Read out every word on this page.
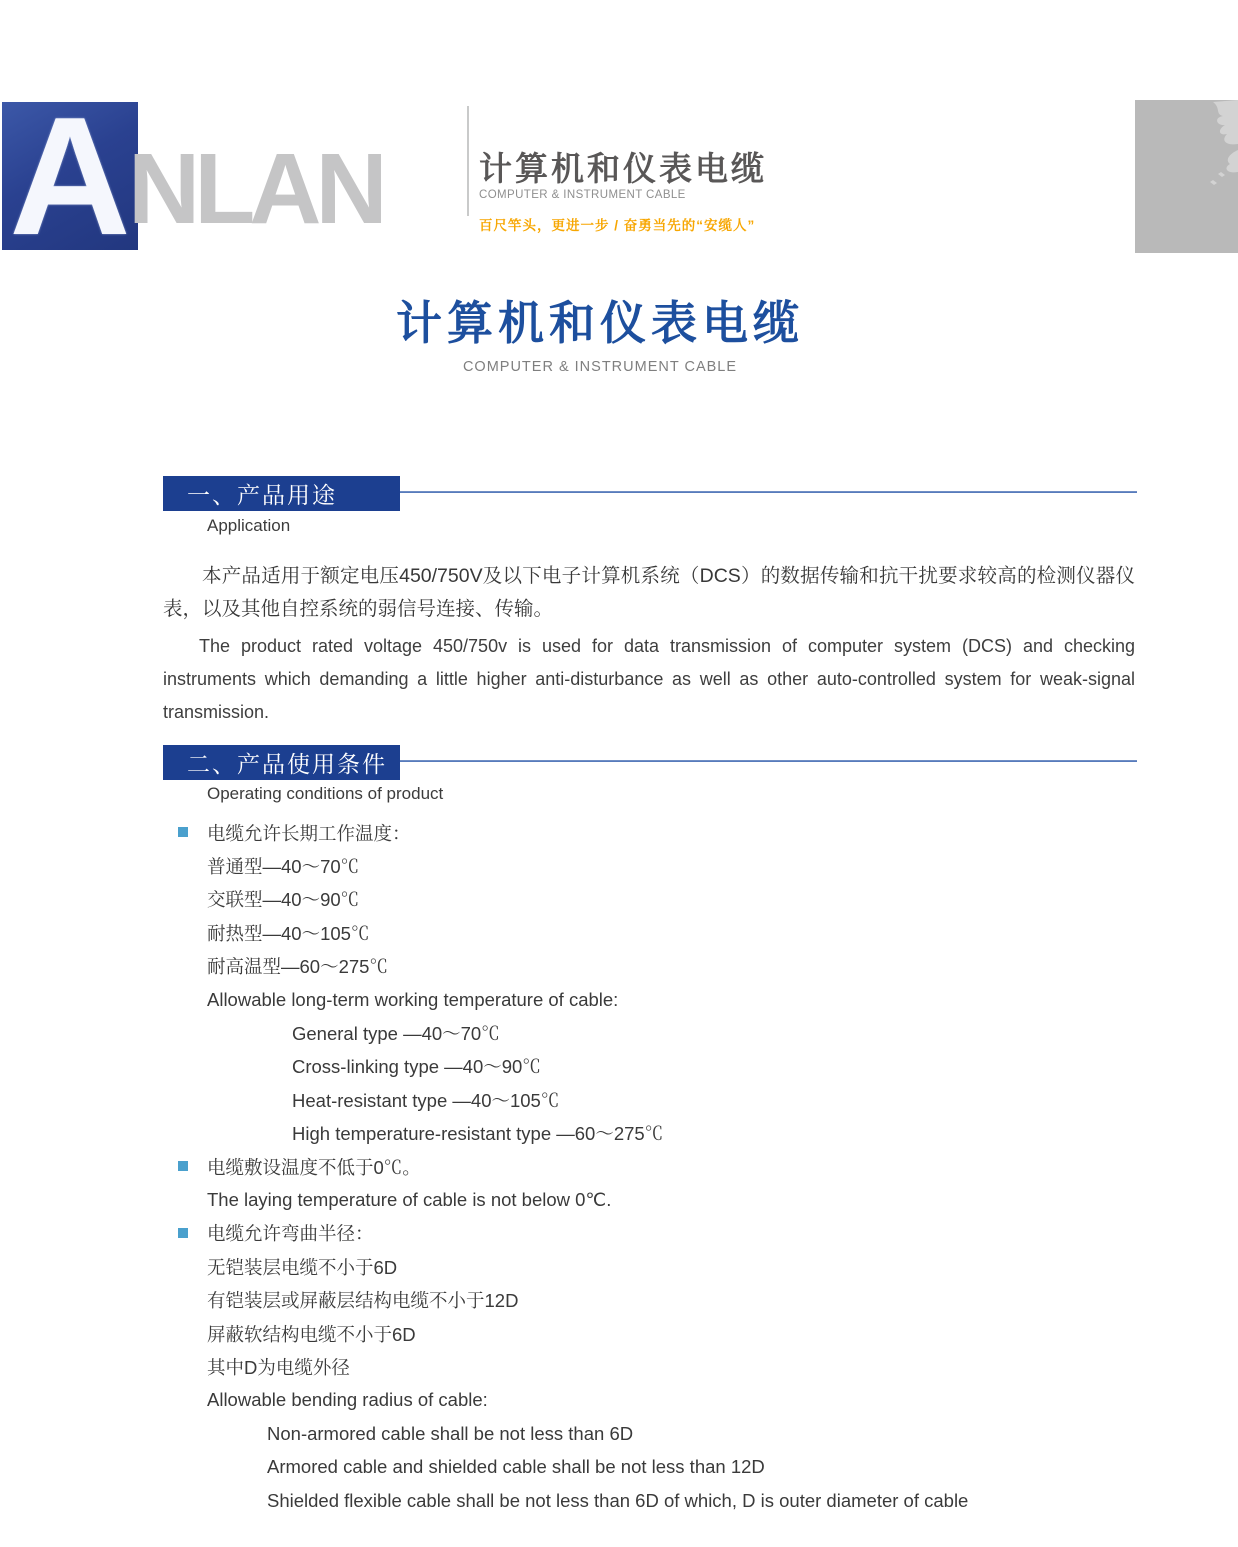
A
NLAN	计算机和仪表电缆
COMPUTER & INSTRUMENT CABLE
百尺竿头，更进一步 / 奋勇当先的“安缆人”
计算机和仪表电缆
COMPUTER & INSTRUMENT CABLE
一、产品用途
Application
本产品适用于额定电压450/750V及以下电子计算机系统（DCS）的数据传输和抗干扰要求较高的检测仪器仪表，以及其他自控系统的弱信号连接、传输。
The product rated voltage 450/750v is used for data transmission of computer system (DCS) and checking instruments which demanding a little higher anti-disturbance as well as other auto-controlled system for weak-signal transmission.
二、产品使用条件
Operating conditions of product
电缆允许长期工作温度：
普通型—40～70℃
交联型—40～90℃
耐热型—40～105℃
耐高温型—60～275℃
Allowable long-term working temperature of cable:
General type —40～70℃
Cross-linking type —40～90℃
Heat-resistant type —40～105℃
High temperature-resistant type —60～275℃
电缆敷设温度不低于0℃。
The laying temperature of cable is not below 0℃.
电缆允许弯曲半径：
无铠装层电缆不小于6D
有铠装层或屏蔽层结构电缆不小于12D
屏蔽软结构电缆不小于6D
其中D为电缆外径
Allowable bending radius of cable:
Non-armored cable shall be not less than 6D
Armored cable and shielded cable shall be not less than 12D
Shielded flexible cable shall be not less than 6D of which, D is outer diameter of cable
